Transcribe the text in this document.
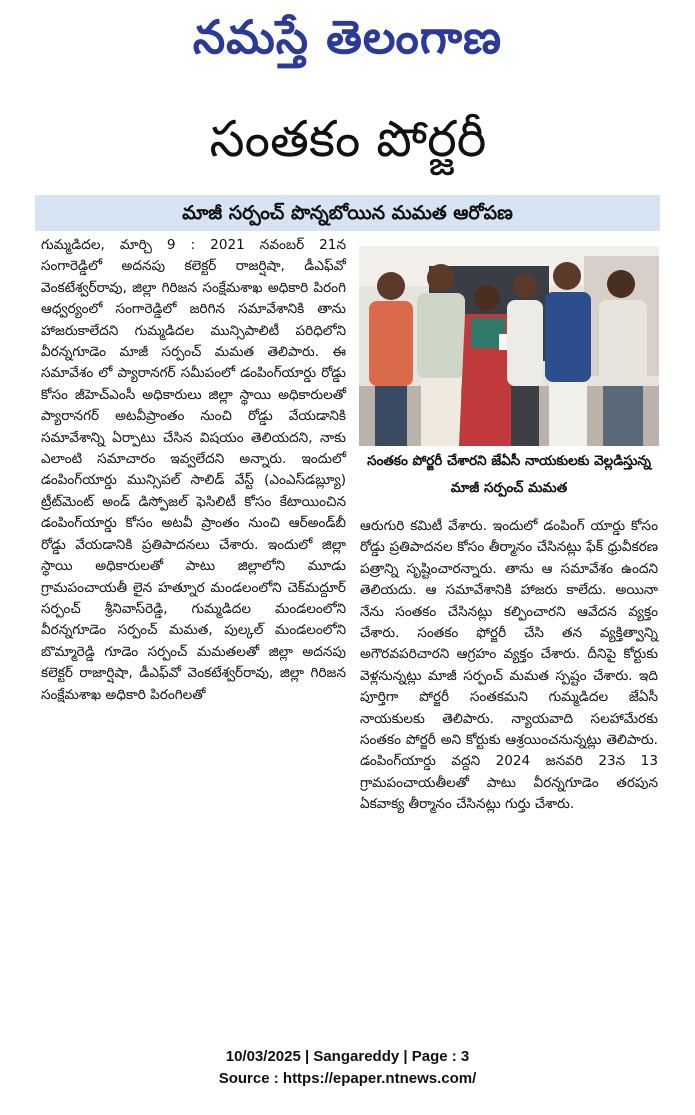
నమస్తే తెలంగాణ
సంతకం పోర్జరీ
మాజీ సర్పంచ్ పొన్నబోయిన మమత ఆరోపణ

గుమ్మడిదల, మార్చి 9 : 2021 నవంబర్ 21న సంగారెడ్డిలో అదనపు కలెక్టర్ రాజర్షిషా, డీఎఫ్‌వో వెంకటేశ్వర్‌రావు, జిల్లా గిరిజన సంక్షేమశాఖ అధికారి పిరంగి ఆధ్వర్యంలో సంగారెడ్డిలో జరిగిన సమావేశానికి తాను హాజరుకాలేదని గుమ్మడిదల మున్సిపాలిటీ పరిధిలోని వీరన్నగూడెం మాజీ సర్పంచ్ మమత తెలిపారు. ఈ సమావేశం లో ప్యారానగర్ సమీపంలో డంపింగ్‌యార్డు రోడ్డు కోసం జీహెచ్‌ఎంసీ అధికారులు జిల్లా స్థాయి అధికారులతో ప్యారానగర్ అటవీప్రాంతం నుంచి రోడ్డు వేయడానికి సమావేశాన్ని ఏర్పాటు చేసిన విషయం తెలియదని, నాకు ఎలాంటి సమాచారం ఇవ్వలేదని అన్నారు. ఇందులో డంపింగ్‌యార్డు మున్సిపల్ సాలిడ్ వేస్ట్ (ఎంఎస్‌డబ్ల్యూ) ట్రీట్‌మెంట్ అండ్ డిస్పోజల్ ఫెసిలిటీ కోసం కేటాయించిన డంపింగ్‌యార్డు కోసం అటవీ ప్రాంతం నుంచి ఆర్‌అండ్‌బీ రోడ్డు వేయడానికి ప్రతిపాదనలు చేశారు. ఇందులో జిల్లా స్థాయి అధికారులతో పాటు జిల్లాలోని మూడు గ్రామపంచాయతీ లైన హత్నూర మండలంలోని చెక్‌మద్దూర్ సర్పంచ్ శ్రీనివాస్‌రెడ్డి, గుమ్మడిదల మండలంలోని వీరన్నగూడెం సర్పంచ్ మమత, పుల్కల్ మండలంలోని బొమ్మారెడ్డి గూడెం సర్పంచ్ మమతలతో జిల్లా అదనపు కలెక్టర్ రాజార్షిషా, డీఎఫ్‌వో వెంకటేశ్వర్‌రావు, జిల్లా గిరిజన సంక్షేమశాఖ అధికారి పిరంగిలతో

సంతకం పోర్జరీ చేశారని జేఏసీ నాయకులకు వెల్లడిస్తున్న మాజీ సర్పంచ్ మమత

ఆరుగురి కమిటీ వేశారు. ఇందులో డంపింగ్ యార్డు కోసం రోడ్డు ప్రతిపాదనల కోసం తీర్మానం చేసినట్లు ఫేక్ ధ్రువీకరణ పత్రాన్ని సృష్టించారన్నారు. తాను ఆ సమావేశం ఉందని తెలియదు. ఆ సమావేశానికి హాజరు కాలేదు. అయినా నేను సంతకం చేసినట్లు కల్పించారని ఆవేదన వ్యక్తం చేశారు. సంతకం ఫోర్జరీ చేసి తన వ్యక్తిత్వాన్ని అగౌరవపరిచారని ఆగ్రహం వ్యక్తం చేశారు. దీనిపై కోర్టుకు వెళ్లనున్నట్లు మాజీ సర్పంచ్ మమత స్పష్టం చేశారు. ఇది పూర్తిగా పోర్జరీ సంతకమని గుమ్మడిదల జేఏసీ నాయకులకు తెలిపారు. న్యాయవాది సలహామేరకు సంతకం పోర్జరీ అని కోర్టుకు ఆశ్రయించనున్నట్లు తెలిపారు. డంపింగ్‌యార్డు వద్దని 2024 జనవరి 23న 13 గ్రామపంచాయతీలతో పాటు వీరన్నగూడెం తరపున ఏకవాక్య తీర్మానం చేసినట్లు గుర్తు చేశారు.

10/03/2025 | Sangareddy | Page : 3
Source : https://epaper.ntnews.com/
